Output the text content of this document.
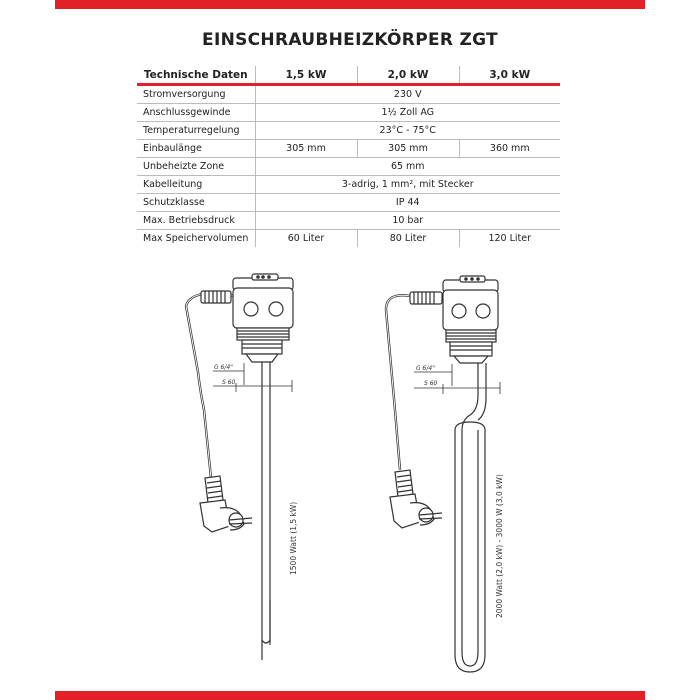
EINSCHRAUBHEIZKÖRPER ZGT
Technische Daten	1,5 kW	2,0 kW	3,0 kW
Stromversorgung	230 V		
Anschlussgewinde	1½ Zoll AG		
Temperaturregelung	23°C - 75°C		
Einbaulänge	305 mm	305 mm	360 mm
Unbeheizte Zone	65 mm		
Kabelleitung	3-adrig, 1 mm², mit Stecker		
Schutzklasse	IP 44		
Max. Betriebsdruck	10 bar		
Max Speichervolumen	60 Liter	80 Liter	120 Liter
G 6/4"
S 60
1500 Watt (1,5 kW)
G 6/4"
S 60
2000 Watt (2,0 kW) - 3000 W (3,0 kW)
